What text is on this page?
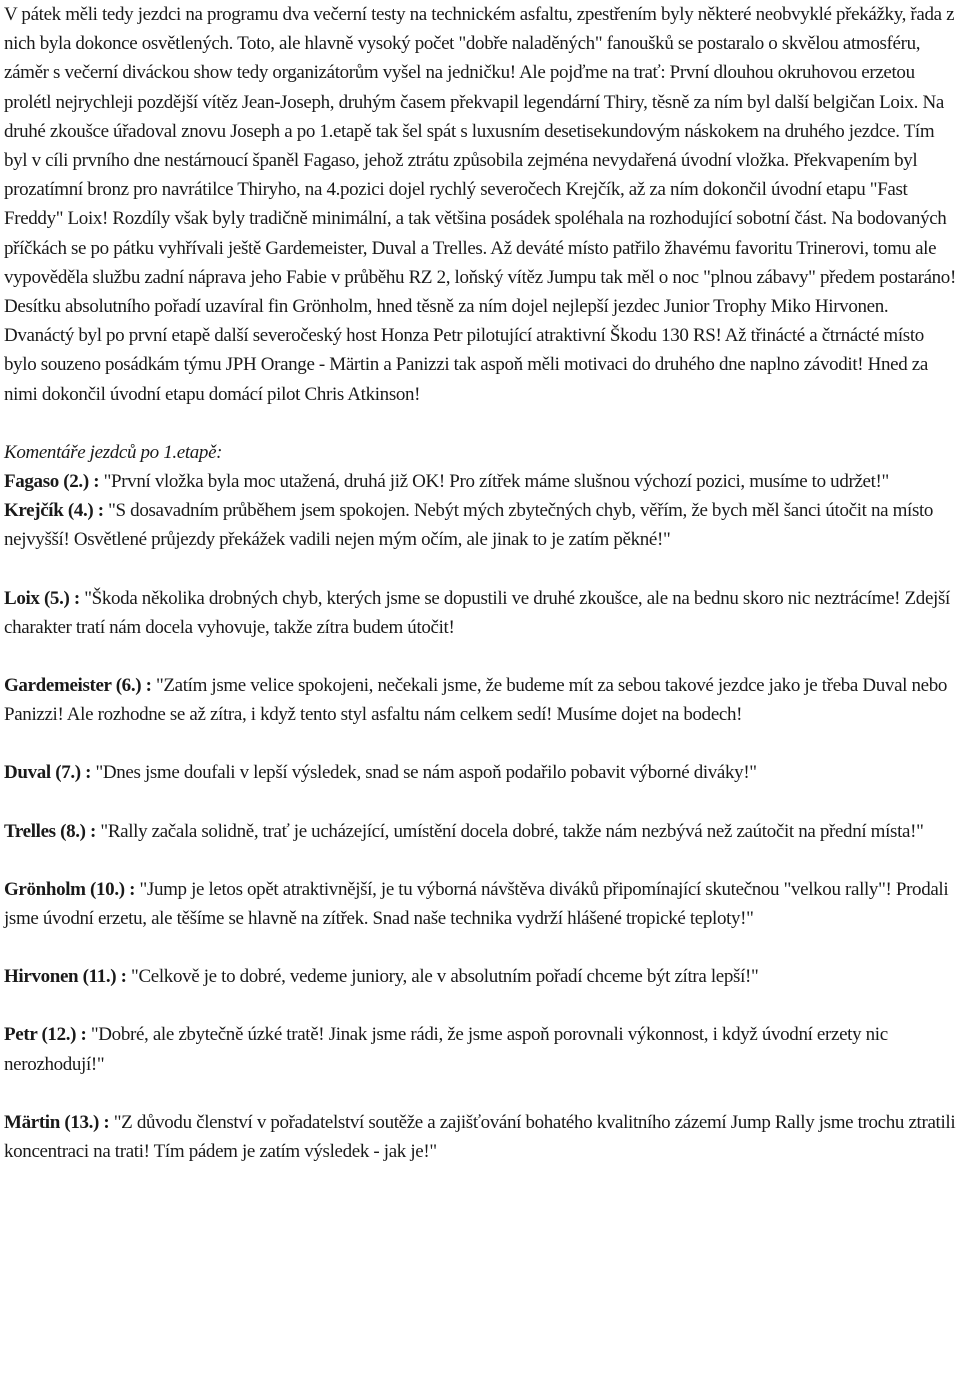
V pátek měli tedy jezdci na programu dva večerní testy na technickém asfaltu, zpestřením byly některé neobvyklé překážky, řada z nich byla dokonce osvětlených. Toto, ale hlavně vysoký počet "dobře naladěných" fanoušků se postaralo o skvělou atmosféru, záměr s večerní diváckou show tedy organizátorům vyšel na jedničku! Ale pojďme na trať: První dlouhou okruhovou erzetou prolétl nejrychleji pozdější vítěz Jean-Joseph, druhým časem překvapil legendární Thiry, těsně za ním byl další belgičan Loix. Na druhé zkoušce úřadoval znovu Joseph a po 1.etapě tak šel spát s luxusním desetisekundovým náskokem na druhého jezdce. Tím byl v cíli prvního dne nestárnoucí španěl Fagaso, jehož ztrátu způsobila zejména nevydařená úvodní vložka. Překvapením byl prozatímní bronz pro navrátilce Thiryho, na 4.pozici dojel rychlý severočech Krejčík, až za ním dokončil úvodní etapu "Fast Freddy" Loix! Rozdíly však byly tradičně minimální, a tak většina posádek spoléhala na rozhodující sobotní část. Na bodovaných příčkách se po pátku vyhřívali ještě Gardemeister, Duval a Trelles. Až deváté místo patřilo žhavému favoritu Trinerovi, tomu ale vypověděla službu zadní náprava jeho Fabie v průběhu RZ 2, loňský vítěz Jumpu tak měl o noc "plnou zábavy" předem postaráno! Desítku absolutního pořadí uzavíral fin Grönholm, hned těsně za ním dojel nejlepší jezdec Junior Trophy Miko Hirvonen. Dvanáctý byl po první etapě další severočeský host Honza Petr pilotující atraktivní Škodu 130 RS! Až třinácté a čtrnácté místo bylo souzeno posádkám týmu JPH Orange - Märtin a Panizzi tak aspoň měli motivaci do druhého dne naplno závodit! Hned za nimi dokončil úvodní etapu domácí pilot Chris Atkinson!

Komentáře jezdců po 1.etapě:

Fagaso (2.) : "První vložka byla moc utažená, druhá již OK! Pro zítřek máme slušnou výchozí pozici, musíme to udržet!"

Krejčík (4.) : "S dosavadním průběhem jsem spokojen. Nebýt mých zbytečných chyb, věřím, že bych měl šanci útočit na místo nejvyšší! Osvětlené průjezdy překážek vadili nejen mým očím, ale jinak to je zatím pěkné!"

Loix (5.) : "Škoda několika drobných chyb, kterých jsme se dopustili ve druhé zkoušce, ale na bednu skoro nic neztrácíme! Zdejší charakter tratí nám docela vyhovuje, takže zítra budem útočit!

Gardemeister (6.) : "Zatím jsme velice spokojeni, nečekali jsme, že budeme mít za sebou takové jezdce jako je třeba Duval nebo Panizzi! Ale rozhodne se až zítra, i když tento styl asfaltu nám celkem sedí! Musíme dojet na bodech!

Duval (7.) : "Dnes jsme doufali v lepší výsledek, snad se nám aspoň podařilo pobavit výborné diváky!"

Trelles (8.) : "Rally začala solidně, trať je ucházející, umístění docela dobré, takže nám nezbývá než zaútočit na přední místa!"

Grönholm (10.) : "Jump je letos opět atraktivnější, je tu výborná návštěva diváků připomínající skutečnou "velkou rally"! Prodali jsme úvodní erzetu, ale těšíme se hlavně na zítřek. Snad naše technika vydrží hlášené tropické teploty!"

Hirvonen (11.) : "Celkově je to dobré, vedeme juniory, ale v absolutním pořadí chceme být zítra lepší!"

Petr (12.) : "Dobré, ale zbytečně úzké tratě! Jinak jsme rádi, že jsme aspoň porovnali výkonnost, i když úvodní erzety nic nerozhodují!"

Märtin (13.) : "Z důvodu členství v pořadatelství soutěže a zajišťování bohatého kvalitního zázemí Jump Rally jsme trochu ztratili koncentraci na trati! Tím pádem je zatím výsledek - jak je!"
